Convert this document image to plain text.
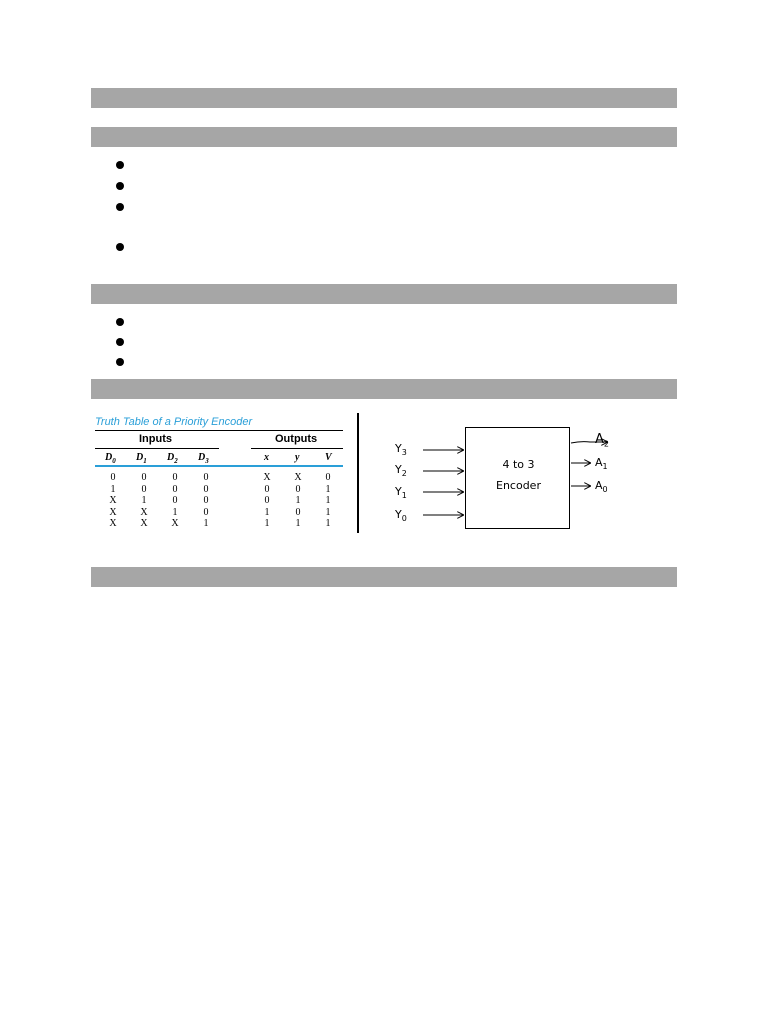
Truth Table of a Priority Encoder
Inputs	Outputs
$D_0$ $D_1$ $D_2$ $D_3$	x	y	V
0	0	0	0	X	X	0
1	0	0	0	0	0	1
X	1	0	0	0	1	1
X	X	1	0	1	0	1
X	X	X	1	1	1	1
4 to 3
Encoder
$Y_3$
$Y_2$
$Y_1$
$Y_0$
$A_2$
$A_1$
$A_0$
